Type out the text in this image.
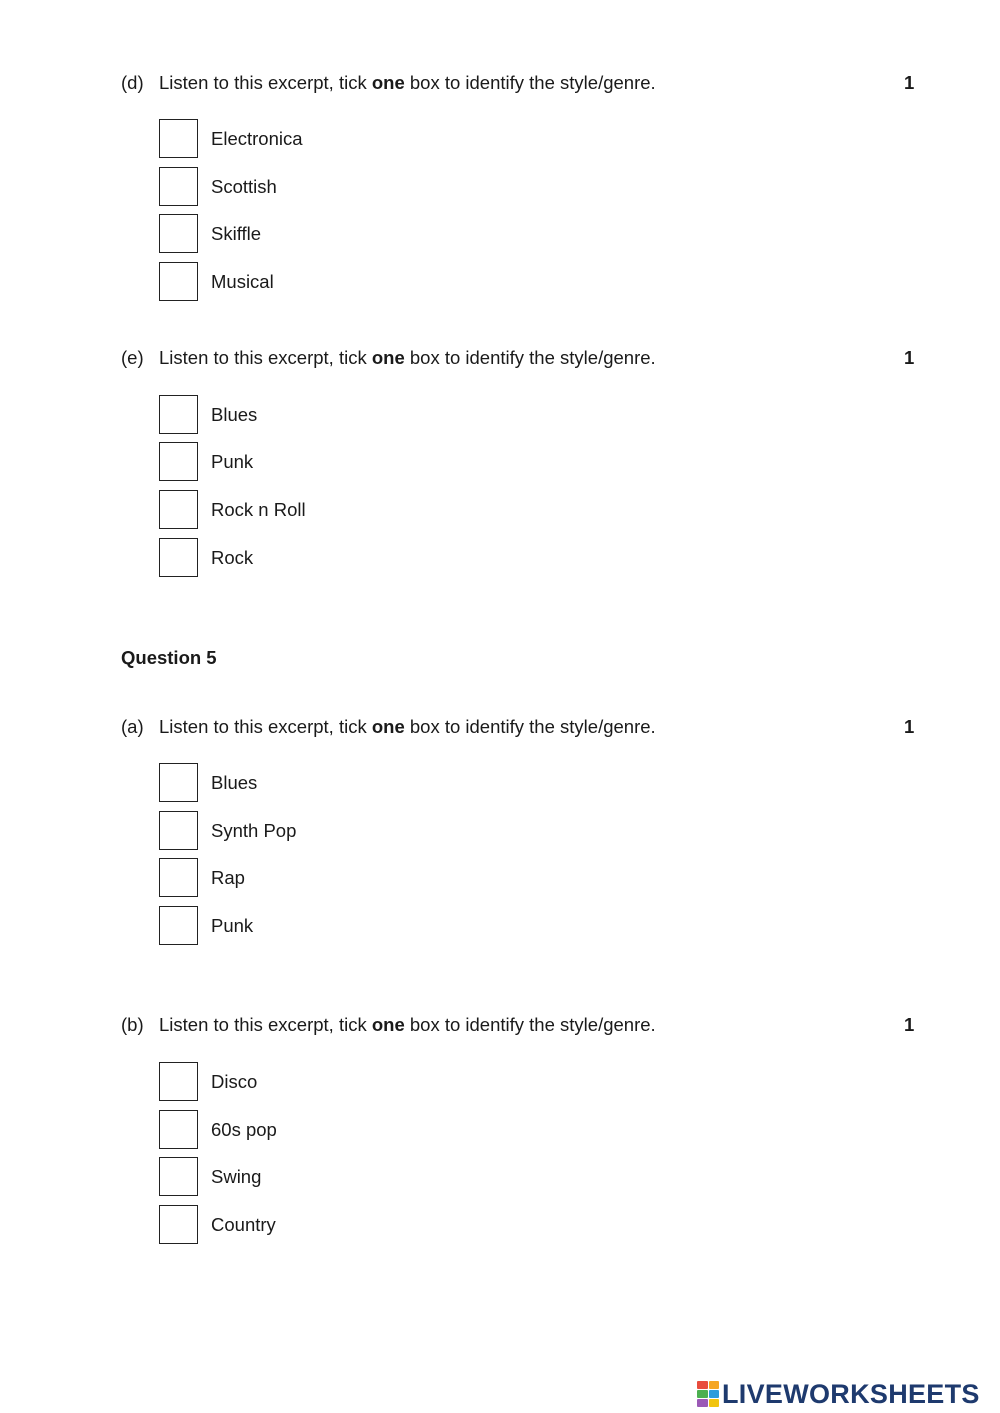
(d) Listen to this excerpt, tick one box to identify the style/genre.	1
Electronica
Scottish
Skiffle
Musical
(e) Listen to this excerpt, tick one box to identify the style/genre.	1
Blues
Punk
Rock n Roll
Rock
Question 5
(a) Listen to this excerpt, tick one box to identify the style/genre.	1
Blues
Synth Pop
Rap
Punk
(b) Listen to this excerpt, tick one box to identify the style/genre.	1
Disco
60s pop
Swing
Country
LIVEWORKSHEETS
